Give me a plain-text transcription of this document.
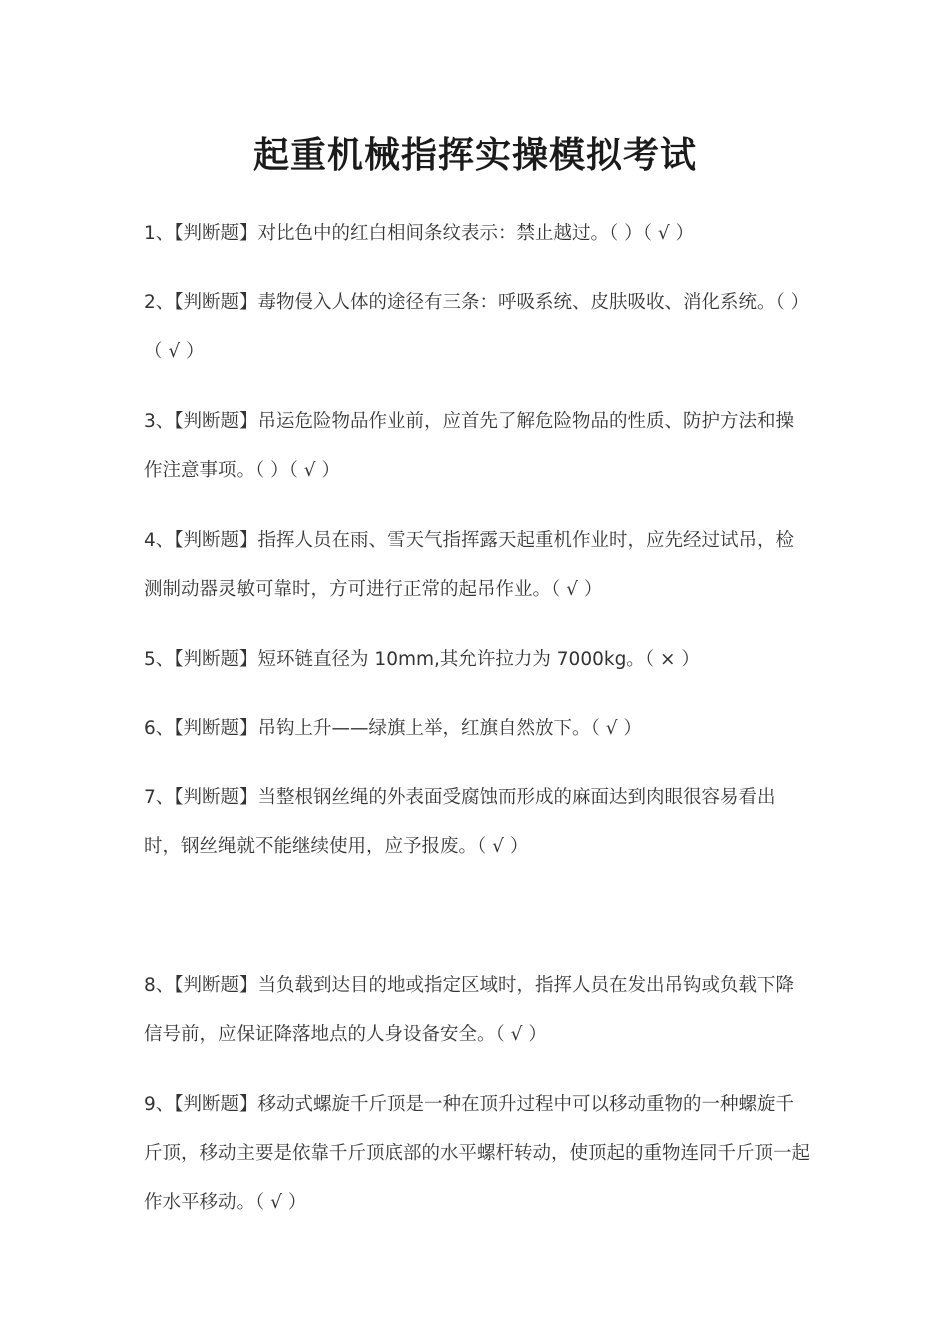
起重机械指挥实操模拟考试

1、【判断题】对比色中的红白相间条纹表示：禁止越过。（ ）（ √ ）

2、【判断题】毒物侵入人体的途径有三条：呼吸系统、皮肤吸收、消化系统。（ ）（ √ ）

3、【判断题】吊运危险物品作业前，应首先了解危险物品的性质、防护方法和操作注意事项。（ ）（ √ ）

4、【判断题】指挥人员在雨、雪天气指挥露天起重机作业时，应先经过试吊，检测制动器灵敏可靠时，方可进行正常的起吊作业。（ √ ）

5、【判断题】短环链直径为 10mm,其允许拉力为 7000kg。（ × ）

6、【判断题】吊钩上升——绿旗上举，红旗自然放下。（ √ ）

7、【判断题】当整根钢丝绳的外表面受腐蚀而形成的麻面达到肉眼很容易看出时，钢丝绳就不能继续使用，应予报废。（ √ ）

8、【判断题】当负载到达目的地或指定区域时，指挥人员在发出吊钩或负载下降信号前，应保证降落地点的人身设备安全。（ √ ）

9、【判断题】移动式螺旋千斤顶是一种在顶升过程中可以移动重物的一种螺旋千斤顶，移动主要是依靠千斤顶底部的水平螺杆转动，使顶起的重物连同千斤顶一起作水平移动。（ √ ）
